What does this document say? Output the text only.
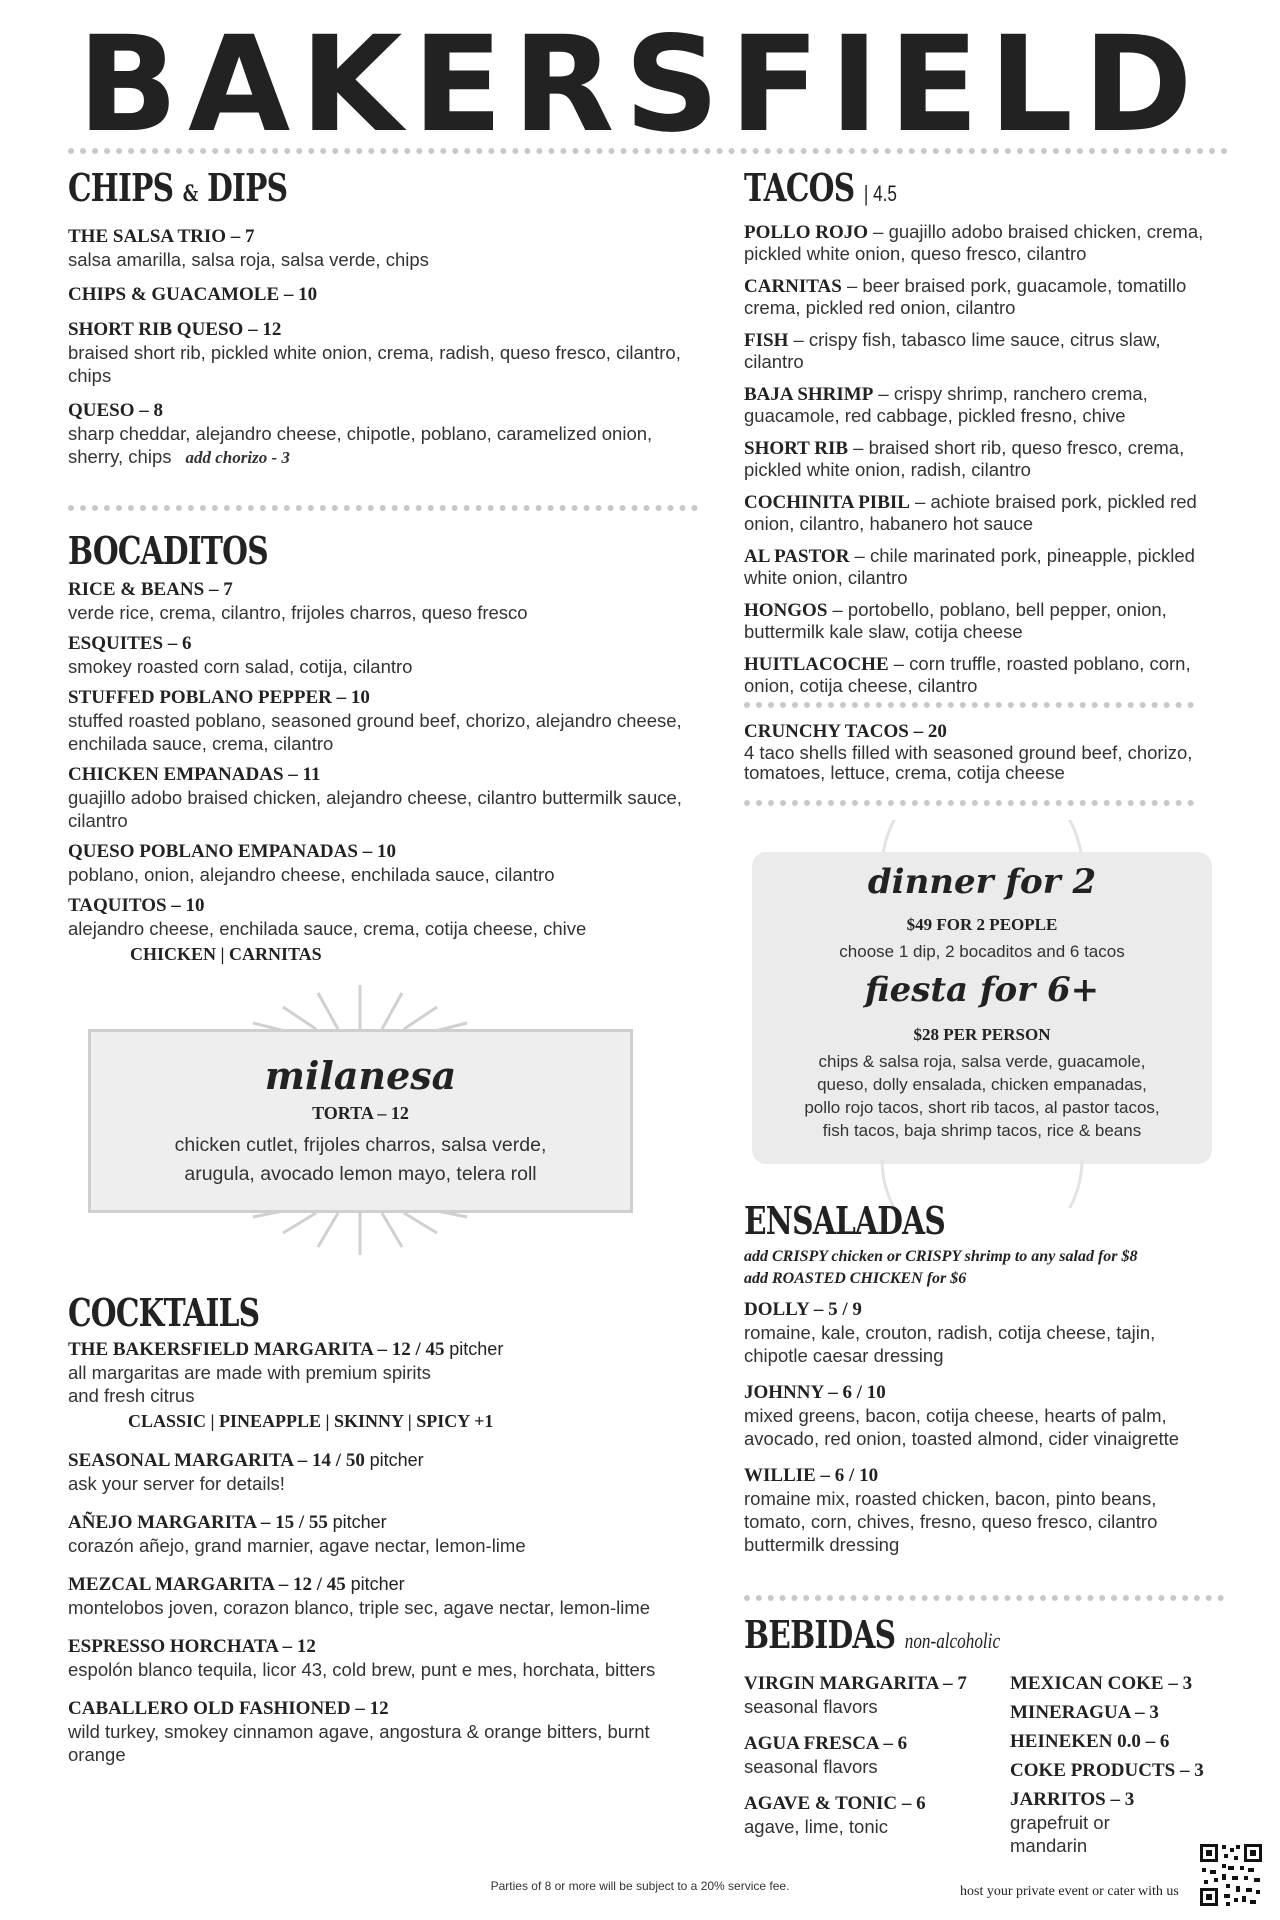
BAKERSFIELD
CHIPS & DIPS
THE SALSA TRIO – 7
salsa amarilla, salsa roja, salsa verde, chips
CHIPS & GUACAMOLE – 10
SHORT RIB QUESO – 12
braised short rib, pickled white onion, crema, radish, queso fresco, cilantro, chips
QUESO – 8
sharp cheddar, alejandro cheese, chipotle, poblano, caramelized onion, sherry, chips add chorizo - 3
BOCADITOS
RICE & BEANS – 7
verde rice, crema, cilantro, frijoles charros, queso fresco
ESQUITES – 6
smokey roasted corn salad, cotija, cilantro
STUFFED POBLANO PEPPER – 10
stuffed roasted poblano, seasoned ground beef, chorizo, alejandro cheese, enchilada sauce, crema, cilantro
CHICKEN EMPANADAS – 11
guajillo adobo braised chicken, alejandro cheese, cilantro buttermilk sauce, cilantro
QUESO POBLANO EMPANADAS – 10
poblano, onion, alejandro cheese, enchilada sauce, cilantro
TAQUITOS – 10
alejandro cheese, enchilada sauce, crema, cotija cheese, chive
CHICKEN | CARNITAS
milanesa
TORTA – 12
chicken cutlet, frijoles charros, salsa verde,
arugula, avocado lemon mayo, telera roll
COCKTAILS
THE BAKERSFIELD MARGARITA – 12 / 45 pitcher
all margaritas are made with premium spirits and fresh citrus
CLASSIC | PINEAPPLE | SKINNY | SPICY +1
SEASONAL MARGARITA – 14 / 50 pitcher
ask your server for details!
AÑEJO MARGARITA – 15 / 55 pitcher
corazón añejo, grand marnier, agave nectar, lemon-lime
MEZCAL MARGARITA – 12 / 45 pitcher
montelobos joven, corazon blanco, triple sec, agave nectar, lemon-lime
ESPRESSO HORCHATA – 12
espolón blanco tequila, licor 43, cold brew, punt e mes, horchata, bitters
CABALLERO OLD FASHIONED – 12
wild turkey, smokey cinnamon agave, angostura & orange bitters, burnt orange
TACOS | 4.5
POLLO ROJO – guajillo adobo braised chicken, crema, pickled white onion, queso fresco, cilantro
CARNITAS – beer braised pork, guacamole, tomatillo crema, pickled red onion, cilantro
FISH – crispy fish, tabasco lime sauce, citrus slaw, cilantro
BAJA SHRIMP – crispy shrimp, ranchero crema, guacamole, red cabbage, pickled fresno, chive
SHORT RIB – braised short rib, queso fresco, crema, pickled white onion, radish, cilantro
COCHINITA PIBIL – achiote braised pork, pickled red onion, cilantro, habanero hot sauce
AL PASTOR – chile marinated pork, pineapple, pickled white onion, cilantro
HONGOS – portobello, poblano, bell pepper, onion, buttermilk kale slaw, cotija cheese
HUITLACOCHE – corn truffle, roasted poblano, corn, onion, cotija cheese, cilantro
CRUNCHY TACOS – 20
4 taco shells filled with seasoned ground beef, chorizo, tomatoes, lettuce, crema, cotija cheese
dinner for 2
$49 FOR 2 PEOPLE
choose 1 dip, 2 bocaditos and 6 tacos
fiesta for 6+
$28 PER PERSON
chips & salsa roja, salsa verde, guacamole,
queso, dolly ensalada, chicken empanadas,
pollo rojo tacos, short rib tacos, al pastor tacos,
fish tacos, baja shrimp tacos, rice & beans
ENSALADAS
add CRISPY chicken or CRISPY shrimp to any salad for $8
add ROASTED CHICKEN for $6
DOLLY – 5 / 9
romaine, kale, crouton, radish, cotija cheese, tajin, chipotle caesar dressing
JOHNNY – 6 / 10
mixed greens, bacon, cotija cheese, hearts of palm, avocado, red onion, toasted almond, cider vinaigrette
WILLIE – 6 / 10
romaine mix, roasted chicken, bacon, pinto beans, tomato, corn, chives, fresno, queso fresco, cilantro buttermilk dressing
BEBIDAS non-alcoholic
VIRGIN MARGARITA – 7
seasonal flavors
AGUA FRESCA – 6
seasonal flavors
AGAVE & TONIC – 6
agave, lime, tonic
MEXICAN COKE – 3
MINERAGUA – 3
HEINEKEN 0.0 – 6
COKE PRODUCTS – 3
JARRITOS – 3
grapefruit or mandarin
Parties of 8 or more will be subject to a 20% service fee.	host your private event or cater with us
